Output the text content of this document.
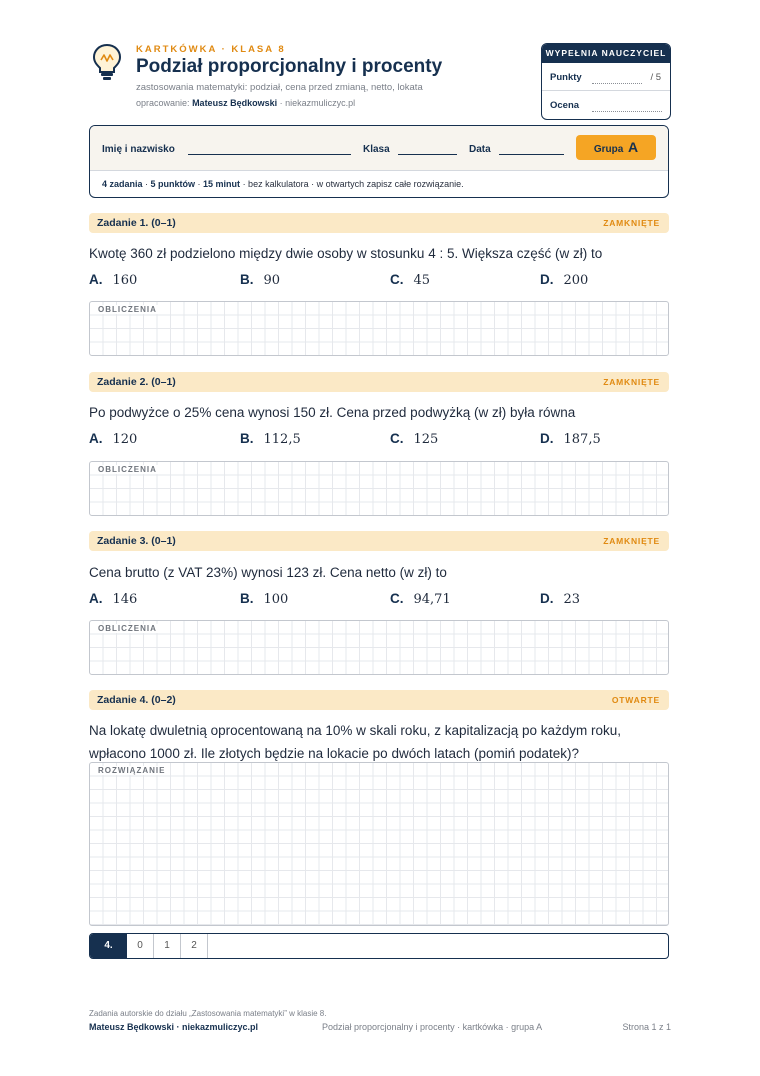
KARTKÓWKA · KLASA 8
Podział proporcjonalny i procenty
zastosowania matematyki: podział, cena przed zmianą, netto, lokata
opracowanie: Mateusz Będkowski · niekazmuliczyc.pl
WYPEŁNIA NAUCZYCIEL
Punkty	/ 5
Ocena
Imię i nazwisko	Klasa	Data	Grupa A
4 zadania · 5 punktów · 15 minut · bez kalkulatora · w otwartych zapisz całe rozwiązanie.
Zadanie 1. (0–1)	ZAMKNIĘTE
Kwotę 360 zł podzielono między dwie osoby w stosunku 4 : 5. Większa część (w zł) to
A. 160	B. 90	C. 45	D. 200
OBLICZENIA
Zadanie 2. (0–1)	ZAMKNIĘTE
Po podwyżce o 25% cena wynosi 150 zł. Cena przed podwyżką (w zł) była równa
A. 120	B. 112,5	C. 125	D. 187,5
OBLICZENIA
Zadanie 3. (0–1)	ZAMKNIĘTE
Cena brutto (z VAT 23%) wynosi 123 zł. Cena netto (w zł) to
A. 146	B. 100	C. 94,71	D. 23
OBLICZENIA
Zadanie 4. (0–2)	OTWARTE
Na lokatę dwuletnią oprocentowaną na 10% w skali roku, z kapitalizacją po każdym roku,
wpłacono 1000 zł. Ile złotych będzie na lokacie po dwóch latach (pomiń podatek)?
ROZWIĄZANIE
4.	0	1	2
Zadania autorskie do działu „Zastosowania matematyki” w klasie 8.
Mateusz Będkowski · niekazmuliczyc.pl	Podział proporcjonalny i procenty · kartkówka · grupa A	Strona 1 z 1
